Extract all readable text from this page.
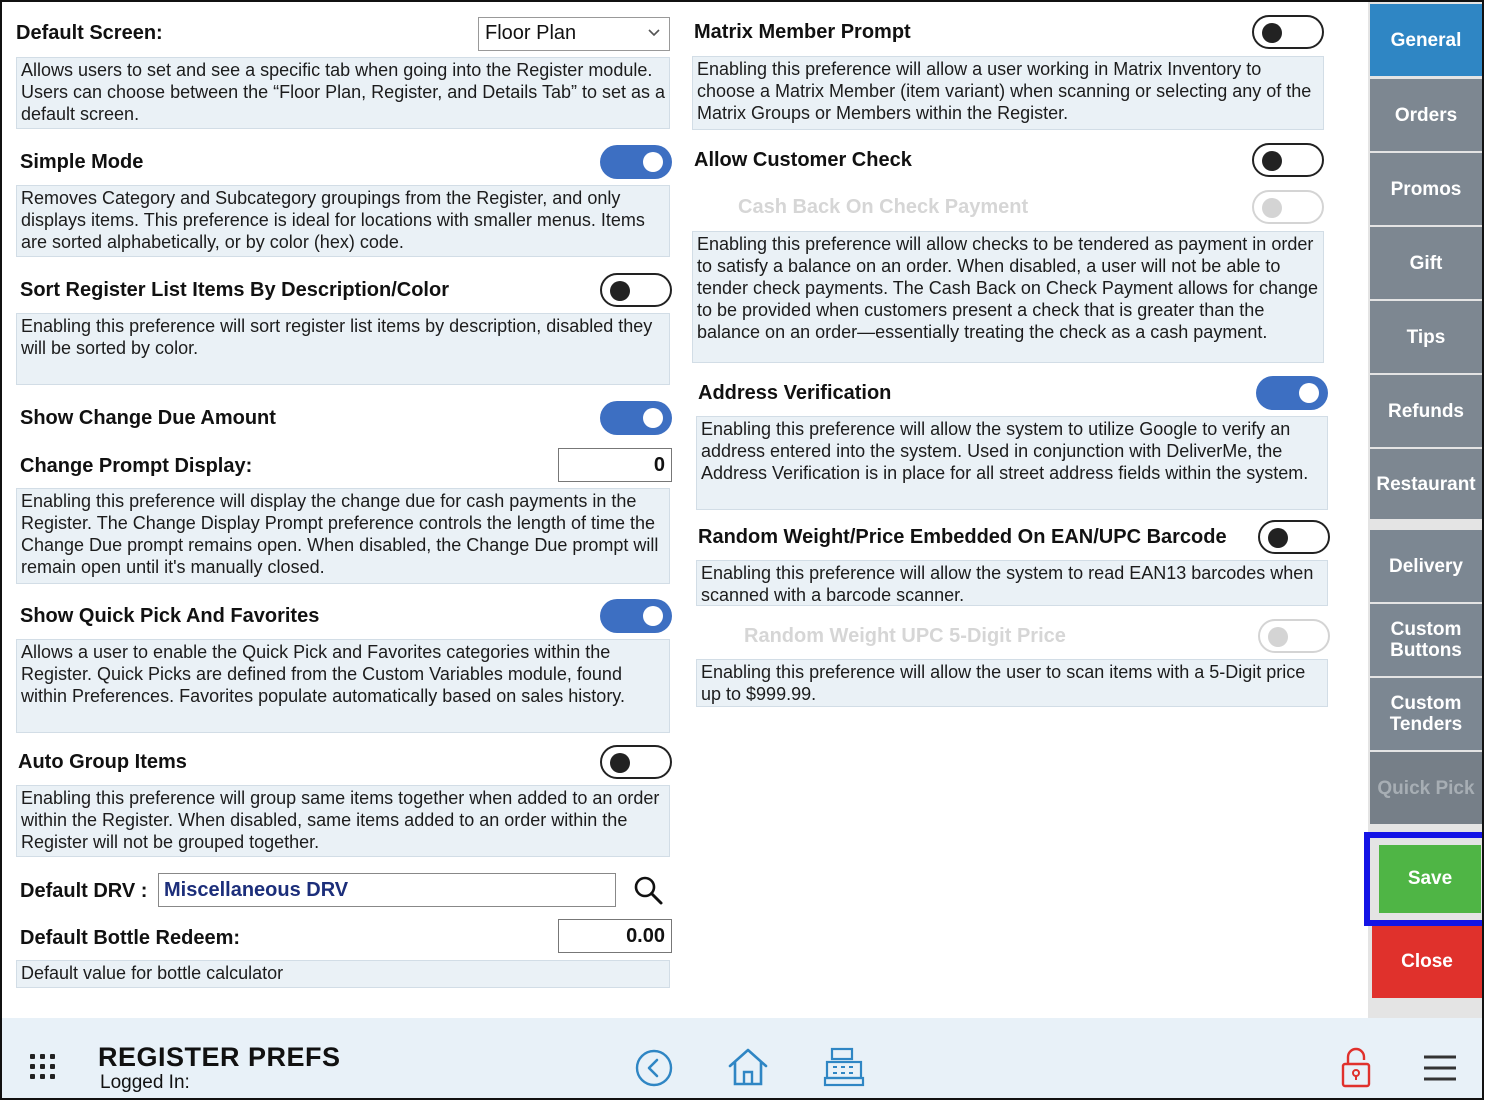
Default Screen:	Floor Plan
Allows users to set and see a specific tab when going into the Register module. Users can choose between the “Floor Plan, Register, and Details Tab” to set as a default screen.
Simple Mode
Removes Category and Subcategory groupings from the Register, and only displays items. This preference is ideal for locations with smaller menus. Items are sorted alphabetically, or by color (hex) code.
Sort Register List Items By Description/Color
Enabling this preference will sort register list items by description, disabled they will be sorted by color.
Show Change Due Amount
Change Prompt Display:	0
Enabling this preference will display the change due for cash payments in the Register. The Change Display Prompt preference controls the length of time the Change Due prompt remains open. When disabled, the Change Due prompt will remain open until it's manually closed.
Show Quick Pick And Favorites
Allows a user to enable the Quick Pick and Favorites categories within the Register. Quick Picks are defined from the Custom Variables module, found within Preferences. Favorites populate automatically based on sales history.
Auto Group Items
Enabling this preference will group same items together when added to an order within the Register. When disabled, same items added to an order within the Register will not be grouped together.
Default DRV : Miscellaneous DRV
Default Bottle Redeem:	0.00
Default value for bottle calculator
Matrix Member Prompt
Enabling this preference will allow a user working in Matrix Inventory to choose a Matrix Member (item variant) when scanning or selecting any of the Matrix Groups or Members within the Register.
Allow Customer Check
Cash Back On Check Payment
Enabling this preference will allow checks to be tendered as payment in order to satisfy a balance on an order. When disabled, a user will not be able to tender check payments. The Cash Back on Check Payment allows for change to be provided when customers present a check that is greater than the balance on an order—essentially treating the check as a cash payment.
Address Verification
Enabling this preference will allow the system to utilize Google to verify an address entered into the system. Used in conjunction with DeliverMe, the Address Verification is in place for all street address fields within the system.
Random Weight/Price Embedded On EAN/UPC Barcode
Enabling this preference will allow the system to read EAN13 barcodes when scanned with a barcode scanner.
Random Weight UPC 5-Digit Price
Enabling this preference will allow the user to scan items with a 5-Digit price up to $999.99.
General
Orders
Promos
Gift
Tips
Refunds
Restaurant
Delivery
Custom Buttons
Custom Tenders
Quick Pick
Save
Close
REGISTER PREFS
Logged In:
